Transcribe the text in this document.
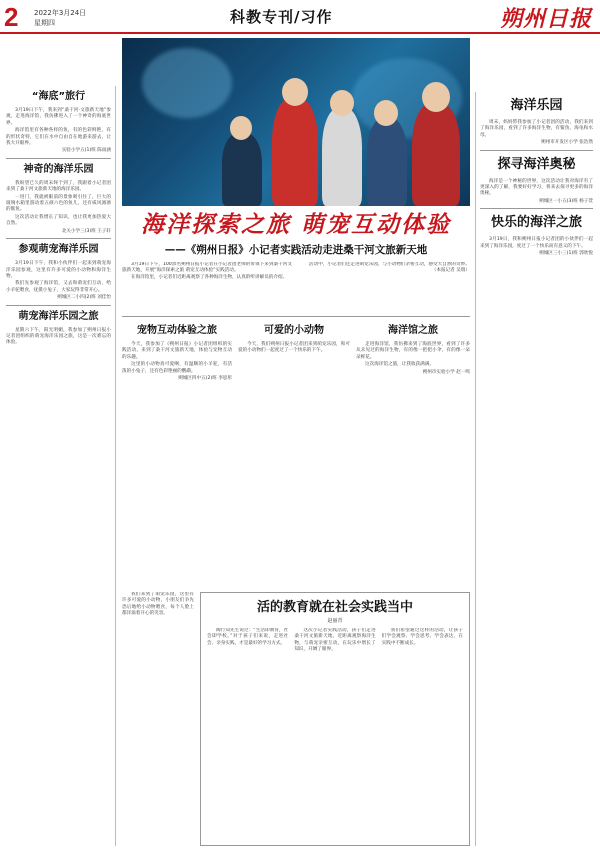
2 2022年3月24日
星期四	科教专刊/习作	朔州日报
“海底”旅行

3月19日下午，我来到“桑干河·文旅新天地”参观，走进海洋馆，我仿佛进入了一个神奇的海底世界。

海洋馆里有各种各样的鱼，有的色彩鲜艳，有的形状奇特，它们在水中自由自在地游来游去，让我大开眼界。

实验小学五(1)班 陈雨涵

神奇的海洋乐园

我盼望已久的周末终于到了，我跟着小记者团来到了桑干河文旅新天地的海洋乐园。

一进门，我就被眼前的景象吸引住了，巨大的玻璃水箱里游动着五颜六色的鱼儿，还有威风凛凛的鲨鱼。

这次活动让我增长了知识，也让我更加热爱大自然。

北关小学三(3)班 王子轩

参观萌宠海洋乐园

3月19日下午，我和小伙伴们一起来到萌宠海洋乐园参观，这里有许多可爱的小动物和海洋生物。

我们先参观了海洋馆，又去和萌宠们互动，给小羊驼喂食，抚摸小兔子，大家玩得非常开心。

朔城区二小四(2)班 刘佳怡

萌宠海洋乐园之旅

星期六下午，阳光明媚，我参加了朔州日报小记者团组织的萌宠海洋乐园之旅，这是一次难忘的体验。

海洋探索之旅 萌宠互动体验
——《朔州日报》小记者实践活动走进桑干河文旅新天地

3月19日下午，100余名朔州日报小记者在小记者团老师的带领下来到桑干河文旅新天地，开展“海洋探索之旅 萌宠互动体验”实践活动。

在海洋馆里，小记者们近距离观察了各种海洋生物，认真聆听讲解员的介绍。

活动中，小记者们还走进萌宠乐园，与小动物们亲密互动，感受大自然的奇妙。

（本报记者 吴瑞）

宠物互动体验之旅

今天，我参加了《朔州日报》小记者团组织的实践活动，来到了桑干河文旅新天地，体验与宠物互动的乐趣。

这里的小动物真可爱啊，有温顺的小羊驼，有活泼的小兔子，还有色彩艳丽的鹦鹉。

朔城区四中五(2)班 李思彤

可爱的小动物

今天，我们朔州日报小记者团来到萌宠乐园，和可爱的小动物们一起度过了一个快乐的下午。

海洋馆之旅

走进海洋馆，我仿佛来到了海底世界，看到了许多从未见过的海洋生物，有的像一把把小伞，有的像一朵朵鲜花。

这次海洋馆之旅，让我收获满满。

朔州市实验小学 赵一鸣

我们来到了萌宠乐园，这里有许多可爱的小动物，小朋友们争先恐后地给小动物喂食，每个人脸上都洋溢着开心的笑容。	活的教育就在社会实践当中
赵丽青

陶行知先生说过：“生活即教育，社会即学校。”对于孩子们来说，走进社会、亲身实践，才是最好的学习方式。

这次小记者实践活动，孩子们走进桑干河文旅新天地，近距离观察海洋生物，与萌宠亲密互动，在玩乐中增长了知识，开阔了眼界。

我们希望通过这样的活动，让孩子们学会观察、学会思考、学会表达，在实践中不断成长。

海洋乐园

周末，妈妈带我参加了小记者团的活动，我们来到了海洋乐园，看到了许多海洋生物，有鲨鱼、海龟和水母。

朔州市开发区小学 张浩然

探寻海洋奥秘

海洋是一个神秘的世界，这次活动让我对海洋有了更深入的了解，我要好好学习，将来去探寻更多的海洋奥秘。

朔城区一小五(3)班 杨子萱

快乐的海洋之旅

3月19日，我和朔州日报小记者团的小伙伴们一起来到了海洋乐园，度过了一个快乐而有意义的下午。

朔城区三小三(1)班 郭欣悦
